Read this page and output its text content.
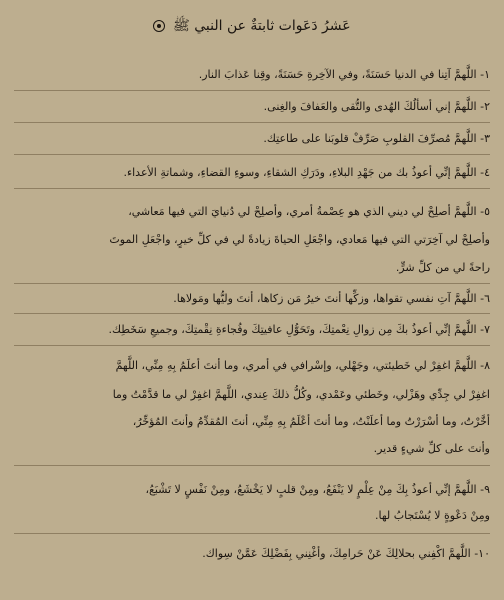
عَشرُ دَعَوات ثابتةٌ عن النبي ﷺ
١- اللَّهمَّ آتِنا في الدنيا حَسَنَةً، وفي الآخِرةِ حَسَنَةً، وقِنا عَذابَ النار.
٢- اللَّهمَّ إني أسألُكَ الهُدى والتُّقى والعَفافَ والغِنى.
٣- اللَّهمَّ مُصرِّفَ القلوبِ صَرِّفْ قلوبَنا على طاعتِك.
٤- اللَّهمَّ إنِّي أعوذُ بك من جَهْدِ البلاءِ، ودَرَكِ الشقاءِ، وسوءِ القضاءِ، وشماتةِ الأعداء.
٥- اللَّهمَّ أصلِحْ لي ديني الذي هو عِصْمةُ أمري، وأصلِحْ لي دُنيايَ التي فيها مَعاشي،
وأصلِحْ لي آخِرَتي التي فيها مَعادي، واجْعَلِ الحياةَ زيادةً لي في كلِّ خيرٍ، واجْعَلِ الموتَ
راحةً لي من كلِّ شرٍّ.
٦- اللَّهمَّ آتِ نفسي تقواها، وزكِّها أنتَ خيرُ مَن زكاها، أنتَ وليُّها ومَولاها.
٧- اللَّهمَّ إنِّي أعوذُ بكَ مِن زوالِ نِعْمتِكَ، وتَحَوُّلِ عافيتِكَ وفُجاءةِ نِقْمتِكَ، وجميعِ سَخَطِك.
٨- اللَّهمَّ اغفِرْ لي خَطيئتي، وجَهْلي، وإسْرافي في أمري، وما أنتَ أعلَمُ بِهِ مِنِّي، اللَّهمَّ
اغفِرْ لي جِدِّي وهَزْلي، وخَطئي وعَمْدي، وكُلُّ ذلكَ عِندي، اللَّهمَّ اغفِرْ لي ما قدَّمْتُ وما
أخَّرْتُ، وما أسْرَرْتُ وما أعلَنْتُ، وما أنتَ أعْلَمُ بِهِ مِنِّي، أنتَ المُقدِّمُ وأنتَ المُؤخِّرُ،
وأنتَ على كلِّ شيءٍ قدير.
٩- اللَّهمَّ إنِّي أعوذُ بِكَ مِنْ عِلْمٍ لا يَنْفَعُ، ومِنْ قلبٍ لا يَخْشَعُ، ومِنْ نَفْسٍ لا تَشْبَعُ،
ومِنْ دَعْوةٍ لا يُسْتَجابُ لها.
١٠- اللَّهمَّ اكْفِني بحلالِكَ عَنْ حَرامِكَ، وأغْنِني بِفَضْلِكَ عَمَّنْ سِواك.
